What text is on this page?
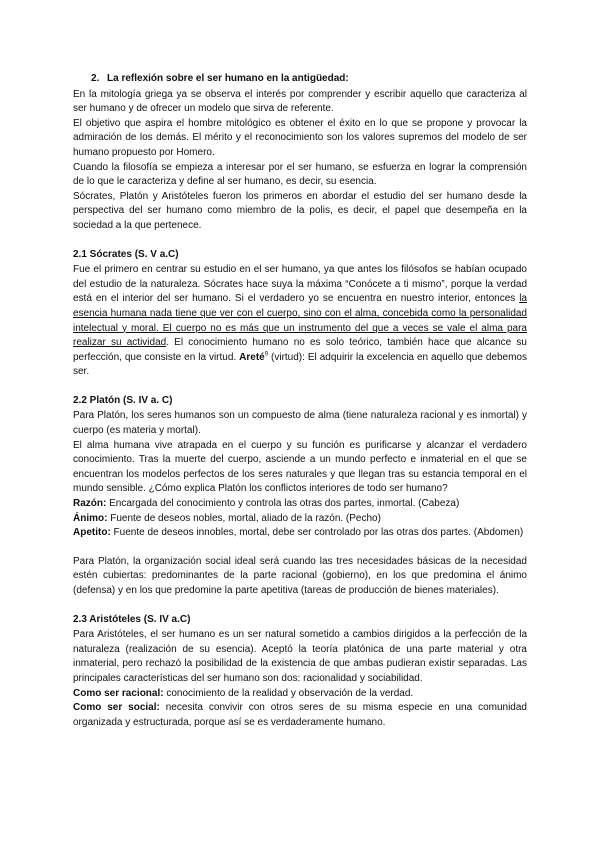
2. La reflexión sobre el ser humano en la antigüedad:

En la mitología griega ya se observa el interés por comprender y escribir aquello que caracteriza al ser humano y de ofrecer un modelo que sirva de referente.

El objetivo que aspira el hombre mitológico es obtener el éxito en lo que se propone y provocar la admiración de los demás. El mérito y el reconocimiento son los valores supremos del modelo de ser humano propuesto por Homero.

Cuando la filosofía se empieza a interesar por el ser humano, se esfuerza en lograr la comprensión de lo que le caracteriza y define al ser humano, es decir, su esencia.

Sócrates, Platón y Aristóteles fueron los primeros en abordar el estudio del ser humano desde la perspectiva del ser humano como miembro de la polis, es decir, el papel que desempeña en la sociedad a la que pertenece.

2.1 Sócrates (S. V a.C)

Fue el primero en centrar su estudio en el ser humano, ya que antes los filósofos se habían ocupado del estudio de la naturaleza. Sócrates hace suya la máxima “Conócete a ti mismo”, porque la verdad está en el interior del ser humano. Si el verdadero yo se encuentra en nuestro interior, entonces la esencia humana nada tiene que ver con el cuerpo, sino con el alma, concebida como la personalidad intelectual y moral. El cuerpo no es más que un instrumento del que a veces se vale el alma para realizar su actividad. El conocimiento humano no es solo teórico, también hace que alcance su perfección, que consiste en la virtud. Areté$^9$ (virtud): El adquirir la excelencia en aquello que debemos ser.

2.2 Platón (S. IV a. C)

Para Platón, los seres humanos son un compuesto de alma (tiene naturaleza racional y es inmortal) y cuerpo (es materia y mortal).

El alma humana vive atrapada en el cuerpo y su función es purificarse y alcanzar el verdadero conocimiento. Tras la muerte del cuerpo, asciende a un mundo perfecto e inmaterial en el que se encuentran los modelos perfectos de los seres naturales y que llegan tras su estancia temporal en el mundo sensible. ¿Cómo explica Platón los conflictos interiores de todo ser humano?

Razón: Encargada del conocimiento y controla las otras dos partes, inmortal. (Cabeza)

Ánimo: Fuente de deseos nobles, mortal, aliado de la razón. (Pecho)

Apetito: Fuente de deseos innobles, mortal, debe ser controlado por las otras dos partes. (Abdomen)

Para Platón, la organización social ideal será cuando las tres necesidades básicas de la necesidad estén cubiertas: predominantes de la parte racional (gobierno), en los que predomina el ánimo (defensa) y en los que predomine la parte apetitiva (tareas de producción de bienes materiales).

2.3 Aristóteles (S. IV a.C)

Para Aristóteles, el ser humano es un ser natural sometido a cambios dirigidos a la perfección de la naturaleza (realización de su esencia). Aceptó la teoría platónica de una parte material y otra inmaterial, pero rechazó la posibilidad de la existencia de que ambas pudieran existir separadas. Las principales características del ser humano son dos: racionalidad y sociabilidad.

Como ser racional: conocimiento de la realidad y observación de la verdad.

Como ser social: necesita convivir con otros seres de su misma especie en una comunidad organizada y estructurada, porque así se es verdaderamente humano.
